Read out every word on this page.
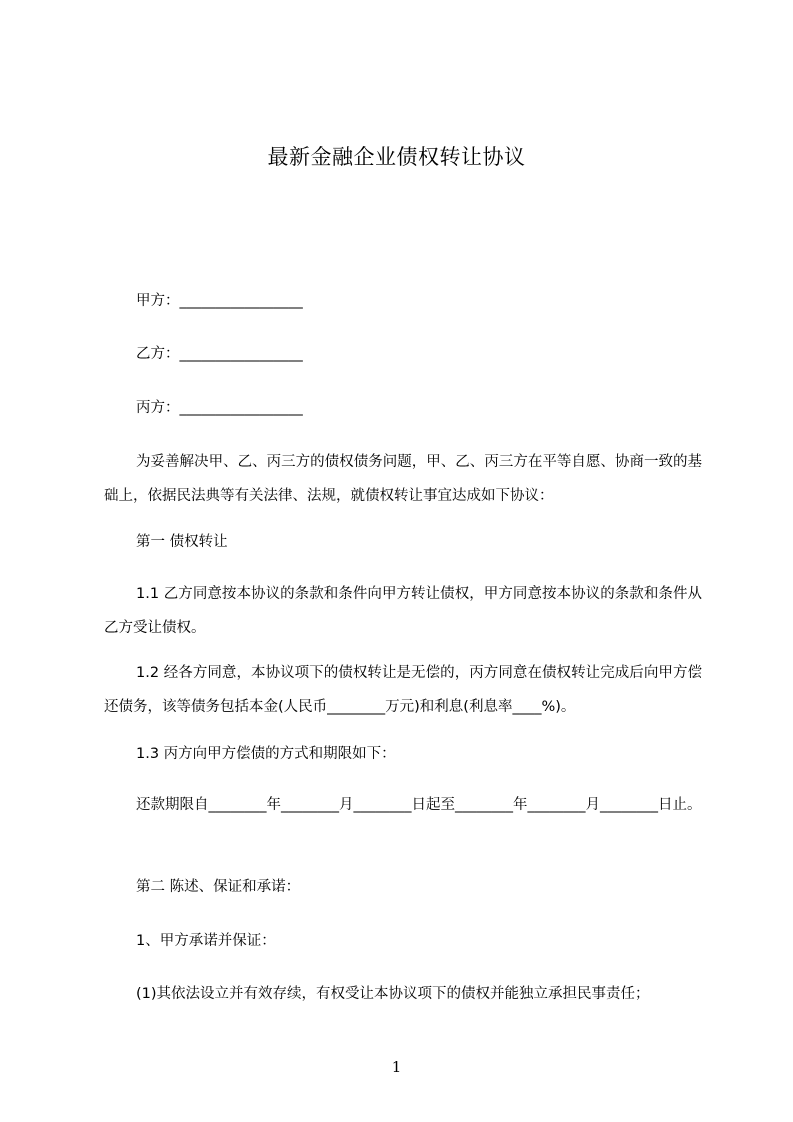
最新金融企业债权转让协议
甲方：_________________
乙方：_________________
丙方：_________________
为妥善解决甲、乙、丙三方的债权债务问题，甲、乙、丙三方在平等自愿、协商一致的基础上，依据民法典等有关法律、法规，就债权转让事宜达成如下协议：
第一 债权转让
1.1 乙方同意按本协议的条款和条件向甲方转让债权，甲方同意按本协议的条款和条件从乙方受让债权。
1.2 经各方同意，本协议项下的债权转让是无偿的，丙方同意在债权转让完成后向甲方偿还债务，该等债务包括本金(人民币________万元)和利息(利息率____%)。
1.3 丙方向甲方偿债的方式和期限如下：
还款期限自________年________月________日起至________年________月________日止。
第二 陈述、保证和承诺：
1、甲方承诺并保证：
(1)其依法设立并有效存续，有权受让本协议项下的债权并能独立承担民事责任；
1
